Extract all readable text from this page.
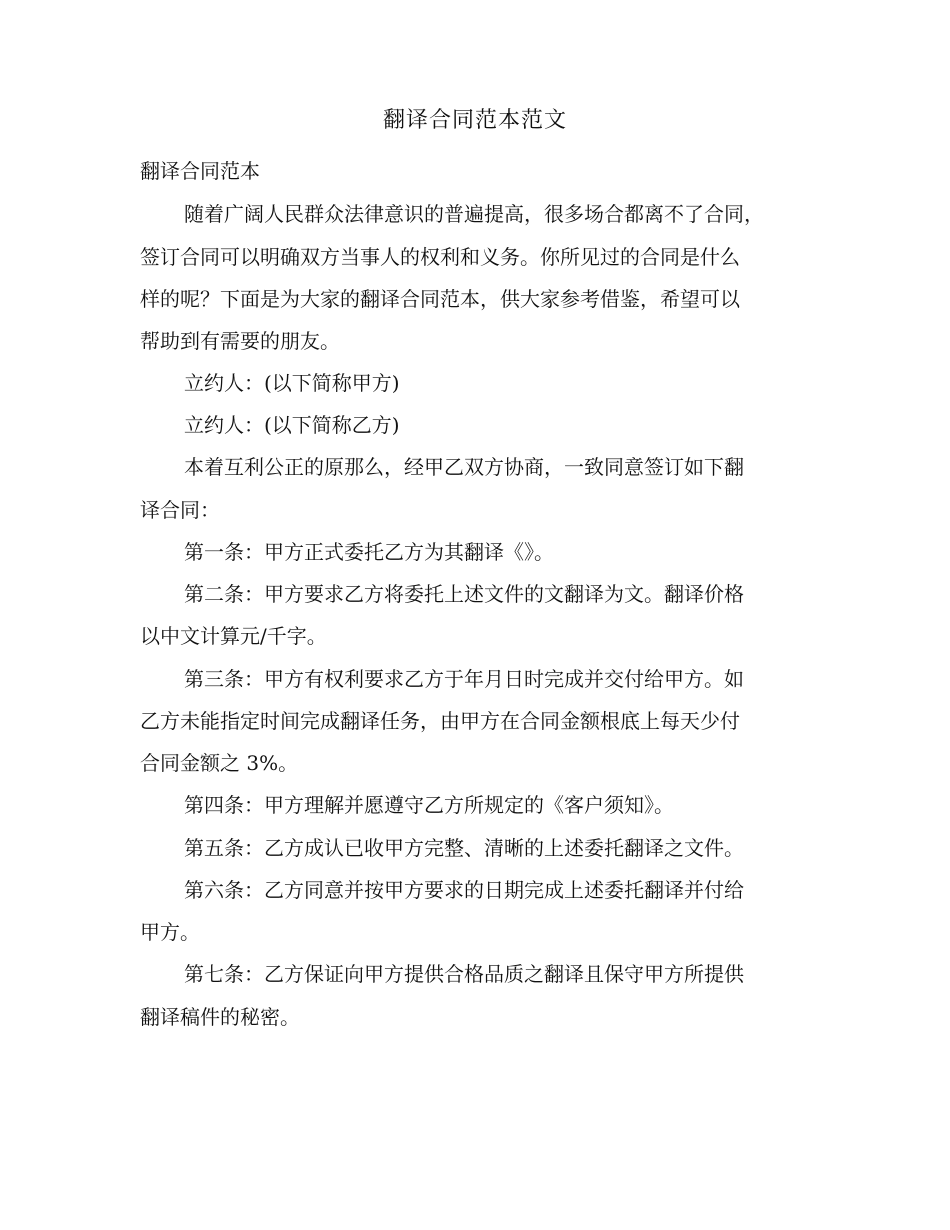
翻译合同范本范文
翻译合同范本
随着广阔人民群众法律意识的普遍提高，很多场合都离不了合同，
签订合同可以明确双方当事人的权利和义务。你所见过的合同是什么
样的呢？下面是为大家的翻译合同范本，供大家参考借鉴，希望可以
帮助到有需要的朋友。
立约人：(以下简称甲方)
立约人：(以下简称乙方)
本着互利公正的原那么，经甲乙双方协商，一致同意签订如下翻
译合同：
第一条：甲方正式委托乙方为其翻译《》。
第二条：甲方要求乙方将委托上述文件的文翻译为文。翻译价格
以中文计算元/千字。
第三条：甲方有权利要求乙方于年月日时完成并交付给甲方。如
乙方未能指定时间完成翻译任务，由甲方在合同金额根底上每天少付
合同金额之 3%。
第四条：甲方理解并愿遵守乙方所规定的《客户须知》。
第五条：乙方成认已收甲方完整、清晰的上述委托翻译之文件。
第六条：乙方同意并按甲方要求的日期完成上述委托翻译并付给
甲方。
第七条：乙方保证向甲方提供合格品质之翻译且保守甲方所提供
翻译稿件的秘密。
